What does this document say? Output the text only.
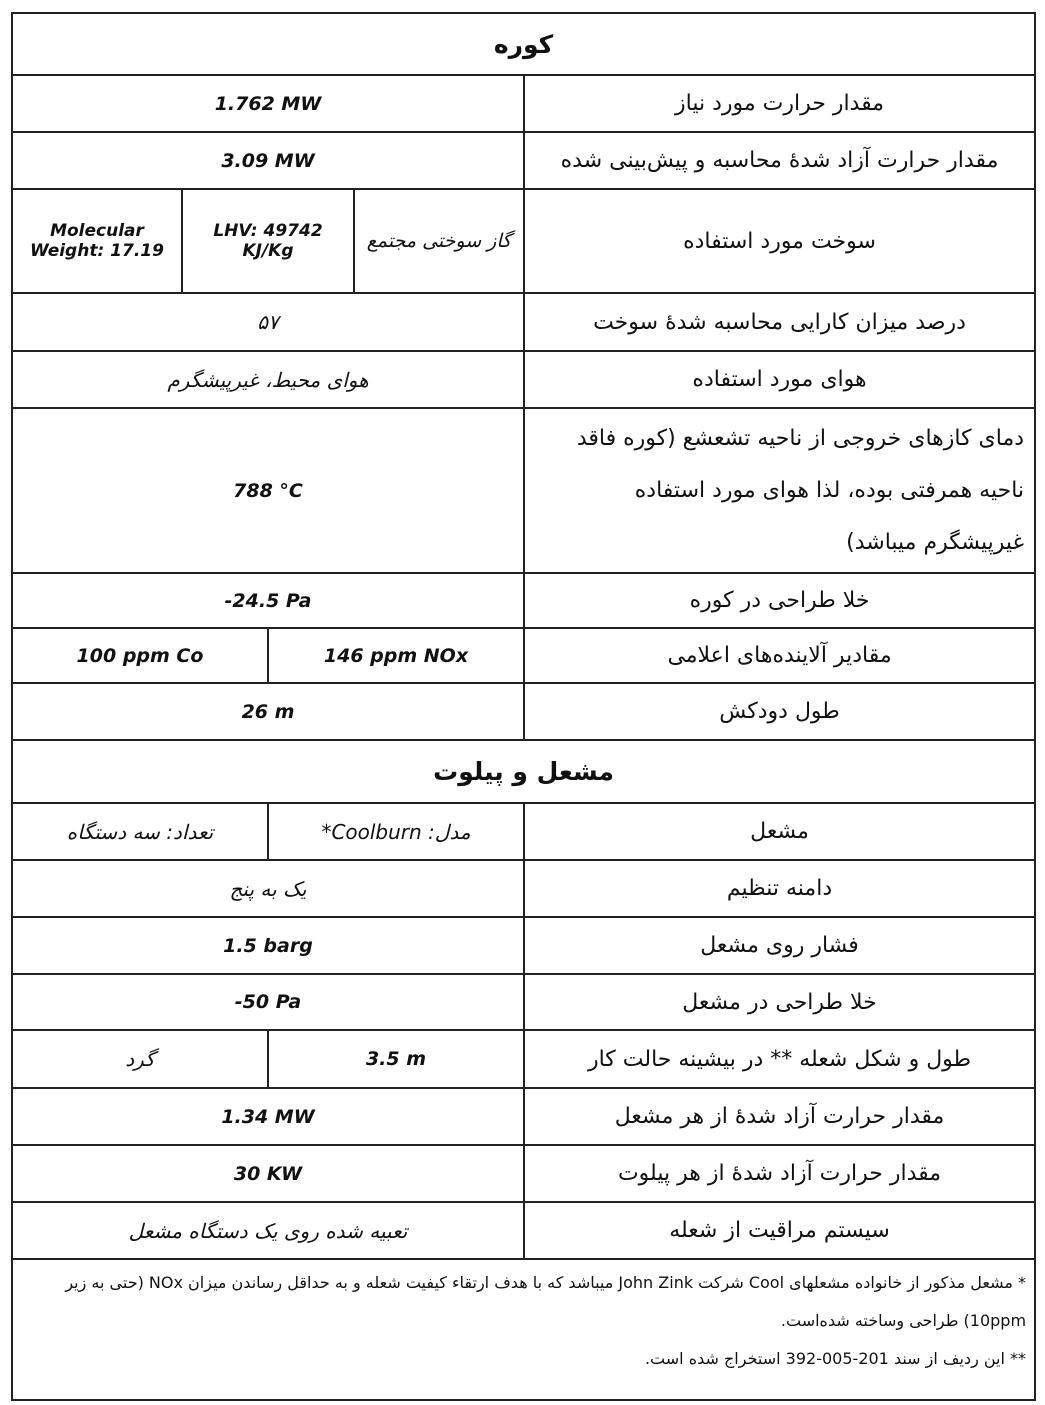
کوره				
1.762 MW				مقدار حرارت مورد نیاز
3.09 MW				مقدار حرارت آزاد شدهٔ محاسبه و پیش‌بینی شده
Molecular Weight: 17.19	LHV: 49742 KJ/Kg		گاز سوختی مجتمع	سوخت مورد استفاده
۵۷				درصد میزان کارایی محاسبه شدهٔ سوخت
هوای محیط، غیرپیشگرم				هوای مورد استفاده
788 °C				دمای کازهای خروجی از ناحیه تشعشع (کوره فاقد ناحیه همرفتی بوده، لذا هوای مورد استفاده غیرپیشگرم میباشد)
-24.5 Pa				خلا طراحی در کوره
100 ppm Co		146 ppm NOx		مقادیر آلاینده‌های اعلامی
26 m				طول دودکش
مشعل و پیلوت				
تعداد: سه دستگاه		مدل: Coolburn*		مشعل
یک به پنج				دامنه تنظیم
1.5 barg				فشار روی مشعل
-50 Pa				خلا طراحی در مشعل
گرد		3.5 m		طول و شکل شعله ** در بیشینه حالت کار
1.34 MW				مقدار حرارت آزاد شدهٔ از هر مشعل
30 KW				مقدار حرارت آزاد شدهٔ از هر پیلوت
تعبیه شده روی یک دستگاه مشعل				سیستم مراقیت از شعله

* مشعل مذکور از خانواده مشعلهای Cool شرکت John Zink میباشد که با هدف ارتقاء کیفیت شعله و به حداقل رساندن میزان NOx (حتی به زیر 10ppm) طراحی وساخته شده‌است.

** این ردیف از سند 201-005-392 استخراج شده است.				
